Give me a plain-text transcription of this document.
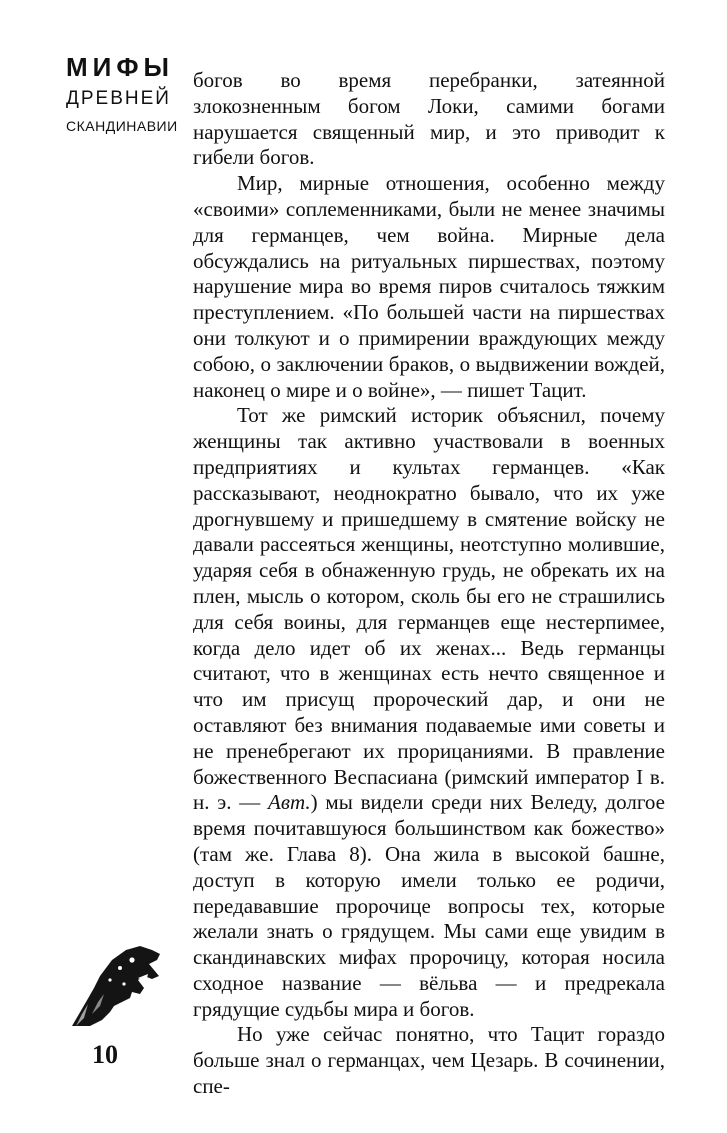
МИФЫ
ДРЕВНЕЙ
СКАНДИНАВИИ
10

богов во время перебранки, затеянной злокозненным богом Локи, самими богами нарушается священный мир, и это приводит к гибели богов.

Мир, мирные отношения, особенно между «своими» соплеменниками, были не менее значимы для германцев, чем война. Мирные дела обсуждались на ритуальных пиршествах, поэтому нарушение мира во время пиров считалось тяжким преступлением. «По большей части на пиршествах они толкуют и о примирении враждующих между собою, о заключении браков, о выдвижении вождей, наконец о мире и о войне», — пишет Тацит.

Тот же римский историк объяснил, почему женщины так активно участвовали в военных предприятиях и культах германцев. «Как рассказывают, неоднократно бывало, что их уже дрогнувшему и пришедшему в смятение войску не давали рассеяться женщины, неотступно молившие, ударяя себя в обнаженную грудь, не обрекать их на плен, мысль о котором, сколь бы его не страшились для себя воины, для германцев еще нестерпимее, когда дело идет об их женах... Ведь германцы считают, что в женщинах есть нечто священное и что им присущ пророческий дар, и они не оставляют без внимания подаваемые ими советы и не пренебрегают их прорицаниями. В правление божественного Веспасиана (римский император I в. н. э. — Авт.) мы видели среди них Веледу, долгое время почитавшуюся большинством как божество» (там же. Глава 8). Она жила в высокой башне, доступ в которую имели только ее родичи, передававшие пророчице вопросы тех, которые желали знать о грядущем. Мы сами еще увидим в скандинавских мифах пророчицу, которая носила сходное название — вёльва — и предрекала грядущие судьбы мира и богов.

Но уже сейчас понятно, что Тацит гораздо больше знал о германцах, чем Цезарь. В сочинении, спе-
